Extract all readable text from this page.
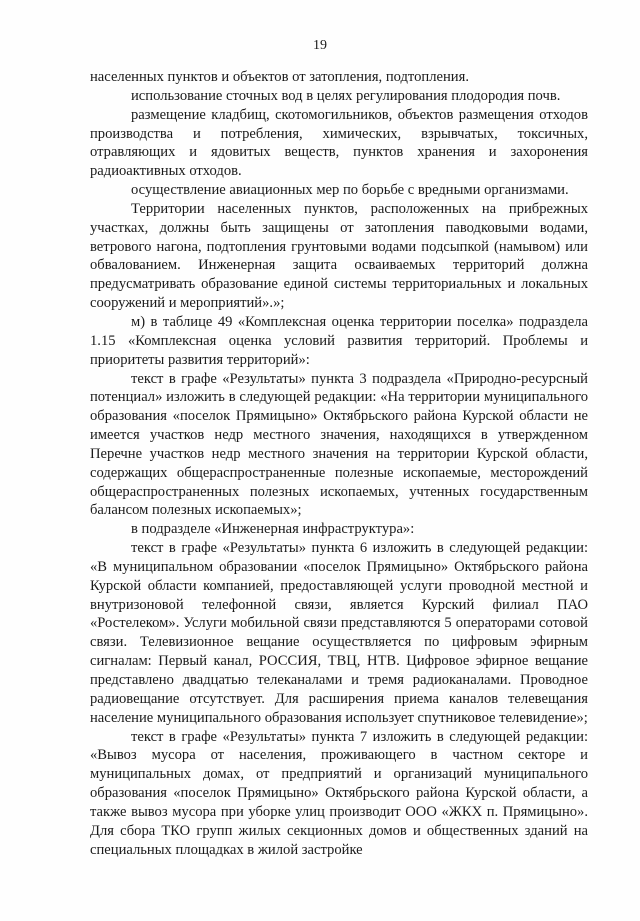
19

населенных пунктов и объектов от затопления, подтопления.

использование сточных вод в целях регулирования плодородия почв.

размещение кладбищ, скотомогильников, объектов размещения отходов производства и потребления, химических, взрывчатых, токсичных, отравляющих и ядовитых веществ, пунктов хранения и захоронения радиоактивных отходов.

осуществление авиационных мер по борьбе с вредными организмами.

Территории населенных пунктов, расположенных на прибрежных участках, должны быть защищены от затопления паводковыми водами, ветрового нагона, подтопления грунтовыми водами подсыпкой (намывом) или обвалованием. Инженерная защита осваиваемых территорий должна предусматривать образование единой системы территориальных и локальных сооружений и мероприятий».»;

м) в таблице 49 «Комплексная оценка территории поселка» подраздела 1.15 «Комплексная оценка условий развития территорий. Проблемы и приоритеты развития территорий»:

текст в графе «Результаты» пункта 3 подраздела «Природно-ресурсный потенциал» изложить в следующей редакции: «На территории муниципального образования «поселок Прямицыно» Октябрьского района Курской области не имеется участков недр местного значения, находящихся в утвержденном Перечне участков недр местного значения на территории Курской области, содержащих общераспространенные полезные ископаемые, месторождений общераспространенных полезных ископаемых, учтенных государственным балансом полезных ископаемых»;

в подразделе «Инженерная инфраструктура»:

текст в графе «Результаты» пункта 6 изложить в следующей редакции: «В муниципальном образовании «поселок Прямицыно» Октябрьского района Курской области компанией, предоставляющей услуги проводной местной и внутризоновой телефонной связи, является Курский филиал ПАО «Ростелеком». Услуги мобильной связи представляются 5 операторами сотовой связи. Телевизионное вещание осуществляется по цифровым эфирным сигналам: Первый канал, РОССИЯ, ТВЦ, НТВ. Цифровое эфирное вещание представлено двадцатью телеканалами и тремя радиоканалами. Проводное радиовещание отсутствует. Для расширения приема каналов телевещания население муниципального образования использует спутниковое телевидение»;

текст в графе «Результаты» пункта 7 изложить в следующей редакции: «Вывоз мусора от населения, проживающего в частном секторе и муниципальных домах, от предприятий и организаций муниципального образования «поселок Прямицыно» Октябрьского района Курской области, а также вывоз мусора при уборке улиц производит ООО «ЖКХ п. Прямицыно». Для сбора ТКО групп жилых секционных домов и общественных зданий на специальных площадках в жилой застройке
